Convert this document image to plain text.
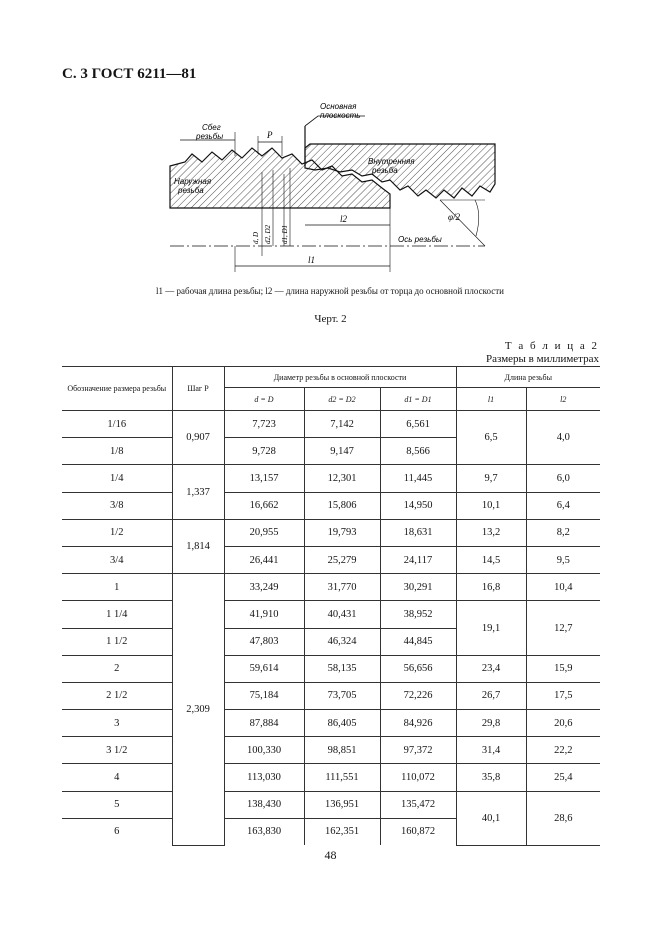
С. 3 ГОСТ 6211—81
Основная плоскость
Сбег резьбы	P
Внутренняя резьба
Наружная резьба
d, D d2, D2 d1, D1
l2
Ось резьбы
l1
φ/2
l1 — рабочая длина резьбы; l2 — длина наружной резьбы от торца до основной плоскости
Черт. 2
Т а б л и ц а 2
Размеры в миллиметрах
Обозначение размера резьбы	Шаг P	Диаметр резьбы в основной плоскости			Длина резьбы	
		d = D	d2 = D2	d1 = D1	l1	l2
1/16	0,907	7,723	7,142	6,561	6,5	4,0
1/8		9,728	9,147	8,566		
1/4	1,337	13,157	12,301	11,445	9,7	6,0
3/8		16,662	15,806	14,950	10,1	6,4
1/2	1,814	20,955	19,793	18,631	13,2	8,2
3/4		26,441	25,279	24,117	14,5	9,5
1	2,309	33,249	31,770	30,291	16,8	10,4
1 1/4		41,910	40,431	38,952	19,1	12,7
1 1/2		47,803	46,324	44,845		
2		59,614	58,135	56,656	23,4	15,9
2 1/2		75,184	73,705	72,226	26,7	17,5
3		87,884	86,405	84,926	29,8	20,6
3 1/2		100,330	98,851	97,372	31,4	22,2
4		113,030	111,551	110,072	35,8	25,4
5		138,430	136,951	135,472	40,1	28,6
6		163,830	162,351	160,872		
48
